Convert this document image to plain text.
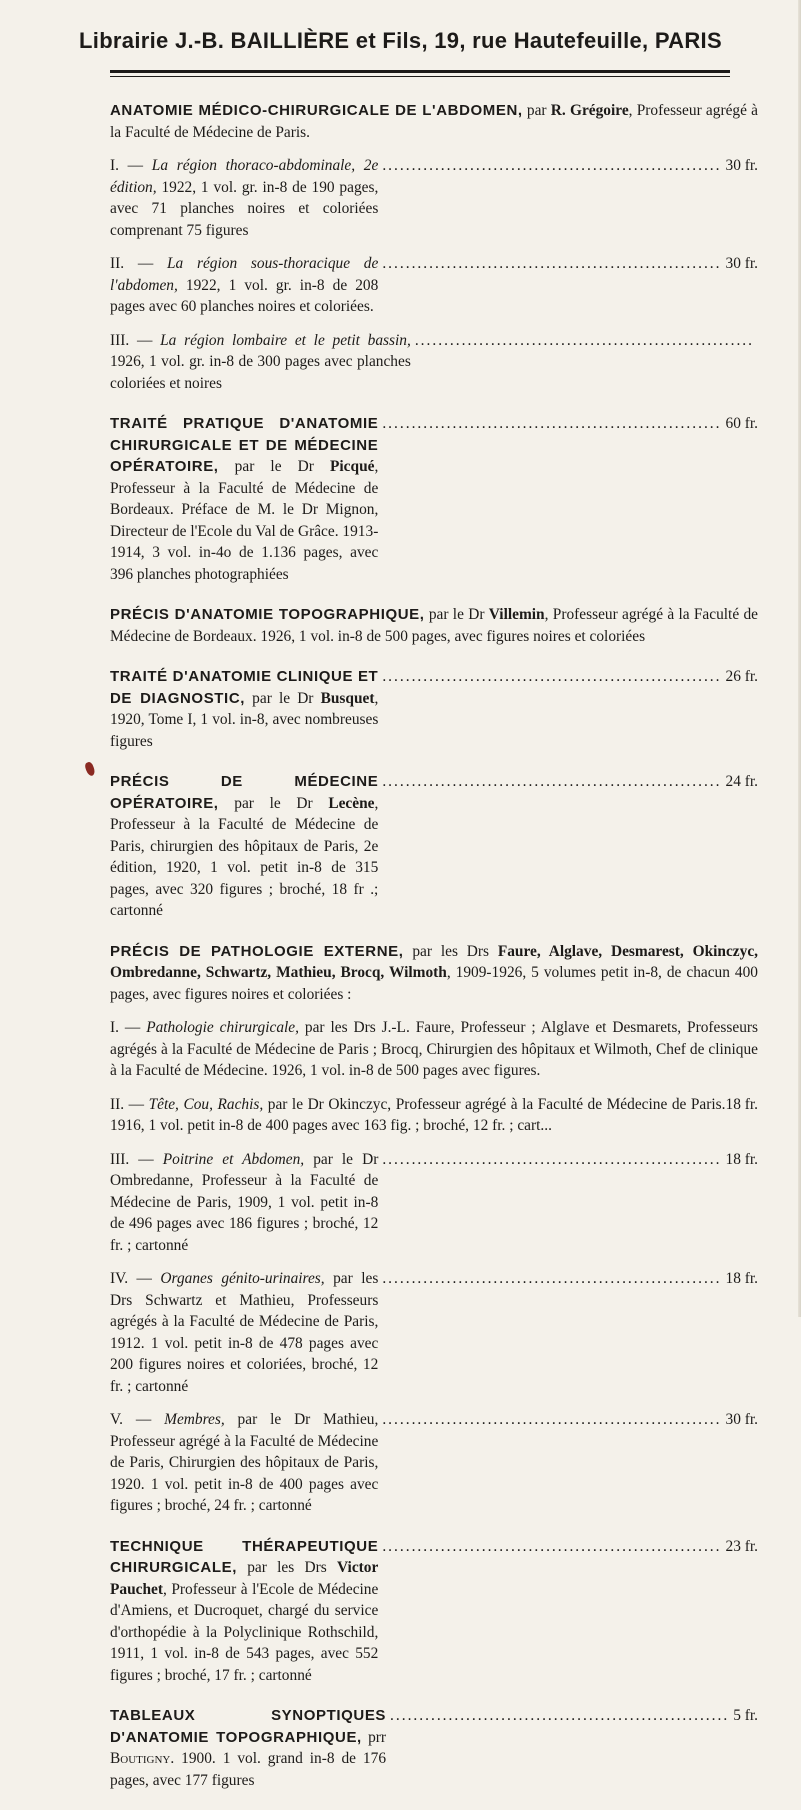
Librairie J.-B. BAILLIÈRE et Fils, 19, rue Hautefeuille, PARIS

ANATOMIE MÉDICO-CHIRURGICALE DE L'ABDOMEN, par R. Grégoire, Professeur agrégé à la Faculté de Médecine de Paris.

I. — La région thoraco-abdominale, 2e édition, 1922, 1 vol. gr. in-8 de 190 pages, avec 71 planches noires et coloriées comprenant 75 figures
.......................................................... 30 fr.
II. — La région sous-thoracique de l'abdomen, 1922, 1 vol. gr. in-8 de 208 pages avec 60 planches noires et coloriées.
.......................................................... 30 fr.
III. — La région lombaire et le petit bassin, 1926, 1 vol. gr. in-8 de 300 pages avec planches coloriées et noires
..........................................................
TRAITÉ PRATIQUE D'ANATOMIE CHIRURGICALE ET DE MÉDECINE OPÉRATOIRE, par le Dr Picqué, Professeur à la Faculté de Médecine de Bordeaux. Préface de M. le Dr Mignon, Directeur de l'Ecole du Val de Grâce. 1913-1914, 3 vol. in-4o de 1.136 pages, avec 396 planches photographiées
.......................................................... 60 fr.

PRÉCIS D'ANATOMIE TOPOGRAPHIQUE, par le Dr Villemin, Professeur agrégé à la Faculté de Médecine de Bordeaux. 1926, 1 vol. in-8 de 500 pages, avec figures noires et coloriées

TRAITÉ D'ANATOMIE CLINIQUE ET DE DIAGNOSTIC, par le Dr Busquet, 1920, Tome I, 1 vol. in-8, avec nombreuses figures
.......................................................... 26 fr.
PRÉCIS DE MÉDECINE OPÉRATOIRE, par le Dr Lecène, Professeur à la Faculté de Médecine de Paris, chirurgien des hôpitaux de Paris, 2e édition, 1920, 1 vol. petit in-8 de 315 pages, avec 320 figures ; broché, 18 fr .; cartonné
.......................................................... 24 fr.

PRÉCIS DE PATHOLOGIE EXTERNE, par les Drs Faure, Alglave, Desmarest, Okinczyc, Ombredanne, Schwartz, Mathieu, Brocq, Wilmoth, 1909-1926, 5 volumes petit in-8, de chacun 400 pages, avec figures noires et coloriées :

I. — Pathologie chirurgicale, par les Drs J.-L. Faure, Professeur ; Alglave et Desmarets, Professeurs agrégés à la Faculté de Médecine de Paris ; Brocq, Chirurgien des hôpitaux et Wilmoth, Chef de clinique à la Faculté de Médecine. 1926, 1 vol. in-8 de 500 pages avec figures.
II. — Tête, Cou, Rachis, par le Dr Okinczyc, Professeur agrégé à la Faculté de Médecine de Paris. 1916, 1 vol. petit in-8 de 400 pages avec 163 fig. ; broché, 12 fr. ; cart...
18 fr.
III. — Poitrine et Abdomen, par le Dr Ombredanne, Professeur à la Faculté de Médecine de Paris, 1909, 1 vol. petit in-8 de 496 pages avec 186 figures ; broché, 12 fr. ; cartonné
.......................................................... 18 fr.
IV. — Organes génito-urinaires, par les Drs Schwartz et Mathieu, Professeurs agrégés à la Faculté de Médecine de Paris, 1912. 1 vol. petit in-8 de 478 pages avec 200 figures noires et coloriées, broché, 12 fr. ; cartonné
.......................................................... 18 fr.
V. — Membres, par le Dr Mathieu, Professeur agrégé à la Faculté de Médecine de Paris, Chirurgien des hôpitaux de Paris, 1920. 1 vol. petit in-8 de 400 pages avec figures ; broché, 24 fr. ; cartonné
.......................................................... 30 fr.
TECHNIQUE THÉRAPEUTIQUE CHIRURGICALE, par les Drs Victor Pauchet, Professeur à l'Ecole de Médecine d'Amiens, et Ducroquet, chargé du service d'orthopédie à la Polyclinique Rothschild, 1911, 1 vol. in-8 de 543 pages, avec 552 figures ; broché, 17 fr. ; cartonné
.......................................................... 23 fr.
TABLEAUX SYNOPTIQUES D'ANATOMIE TOPOGRAPHIQUE, prr Boutigny. 1900. 1 vol. grand in-8 de 176 pages, avec 177 figures
.......................................................... 5 fr.
